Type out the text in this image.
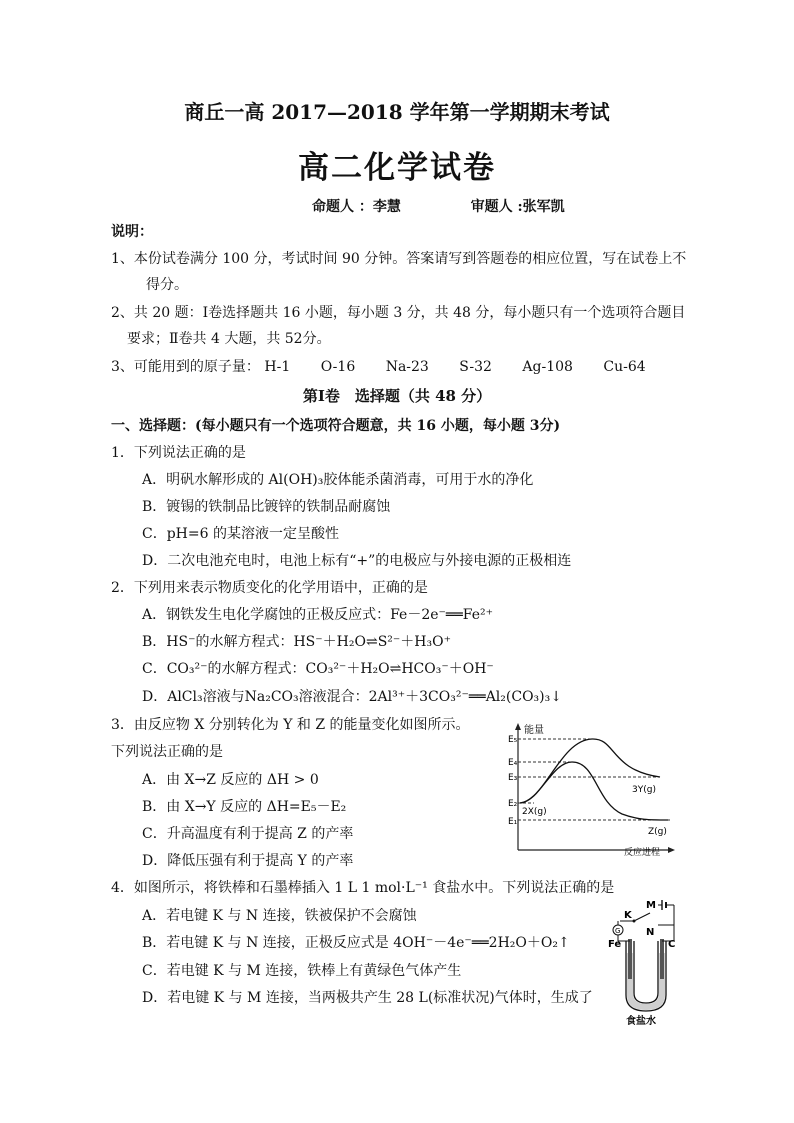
商丘一高 2017—2018 学年第一学期期末考试
高二化学试卷
命题人 ：李慧	审题人 :张军凯
说明：
1、本份试卷满分 100 分，考试时间 90 分钟。答案请写到答题卷的相应位置，写在试卷上不
得分。
2、共 20 题：Ⅰ卷选择题共 16 小题，每小题 3 分，共 48 分，每小题只有一个选项符合题目
要求；Ⅱ卷共 4 大题，共 52分。
3、可能用到的原子量： H-1 O-16 Na-23 S-32 Ag-108 Cu-64
第Ⅰ卷　选择题（共 48 分）
一、选择题：(每小题只有一个选项符合题意，共 16 小题，每小题 3分)
1．下列说法正确的是
A．明矾水解形成的 Al(OH)₃胶体能杀菌消毒，可用于水的净化
B．镀锡的铁制品比镀锌的铁制品耐腐蚀
C．pH=6 的某溶液一定呈酸性
D．二次电池充电时，电池上标有“+”的电极应与外接电源的正极相连
2．下列用来表示物质变化的化学用语中，正确的是
A．钢铁发生电化学腐蚀的正极反应式：Fe－2e⁻══Fe²⁺
B．HS⁻的水解方程式：HS⁻＋H₂O⇌S²⁻＋H₃O⁺
C．CO₃²⁻的水解方程式：CO₃²⁻＋H₂O⇌HCO₃⁻＋OH⁻
D．AlCl₃溶液与Na₂CO₃溶液混合：2Al³⁺＋3CO₃²⁻══Al₂(CO₃)₃↓
3．由反应物 X 分别转化为 Y 和 Z 的能量变化如图所示。
下列说法正确的是
A．由 X→Z 反应的 ΔH > 0
B．由 X→Y 反应的 ΔH=E₅－E₂
C．升高温度有利于提高 Z 的产率
D．降低压强有利于提高 Y 的产率
能量
反应进程
E₅
E₄
E₃
E₂
E₁
2X(g)
3Y(g)
Z(g)
4．如图所示，将铁棒和石墨棒插入 1 L 1 mol·L⁻¹ 食盐水中。下列说法正确的是
A．若电键 K 与 N 连接，铁被保护不会腐蚀
B．若电键 K 与 N 连接，正极反应式是 4OH⁻－4e⁻══2H₂O＋O₂↑
C．若电键 K 与 M 连接，铁棒上有黄绿色气体产生
D．若电键 K 与 M 连接，当两极共产生 28 L(标准状况)气体时，生成了
K
M
N
G
Fe	C
食盐水
